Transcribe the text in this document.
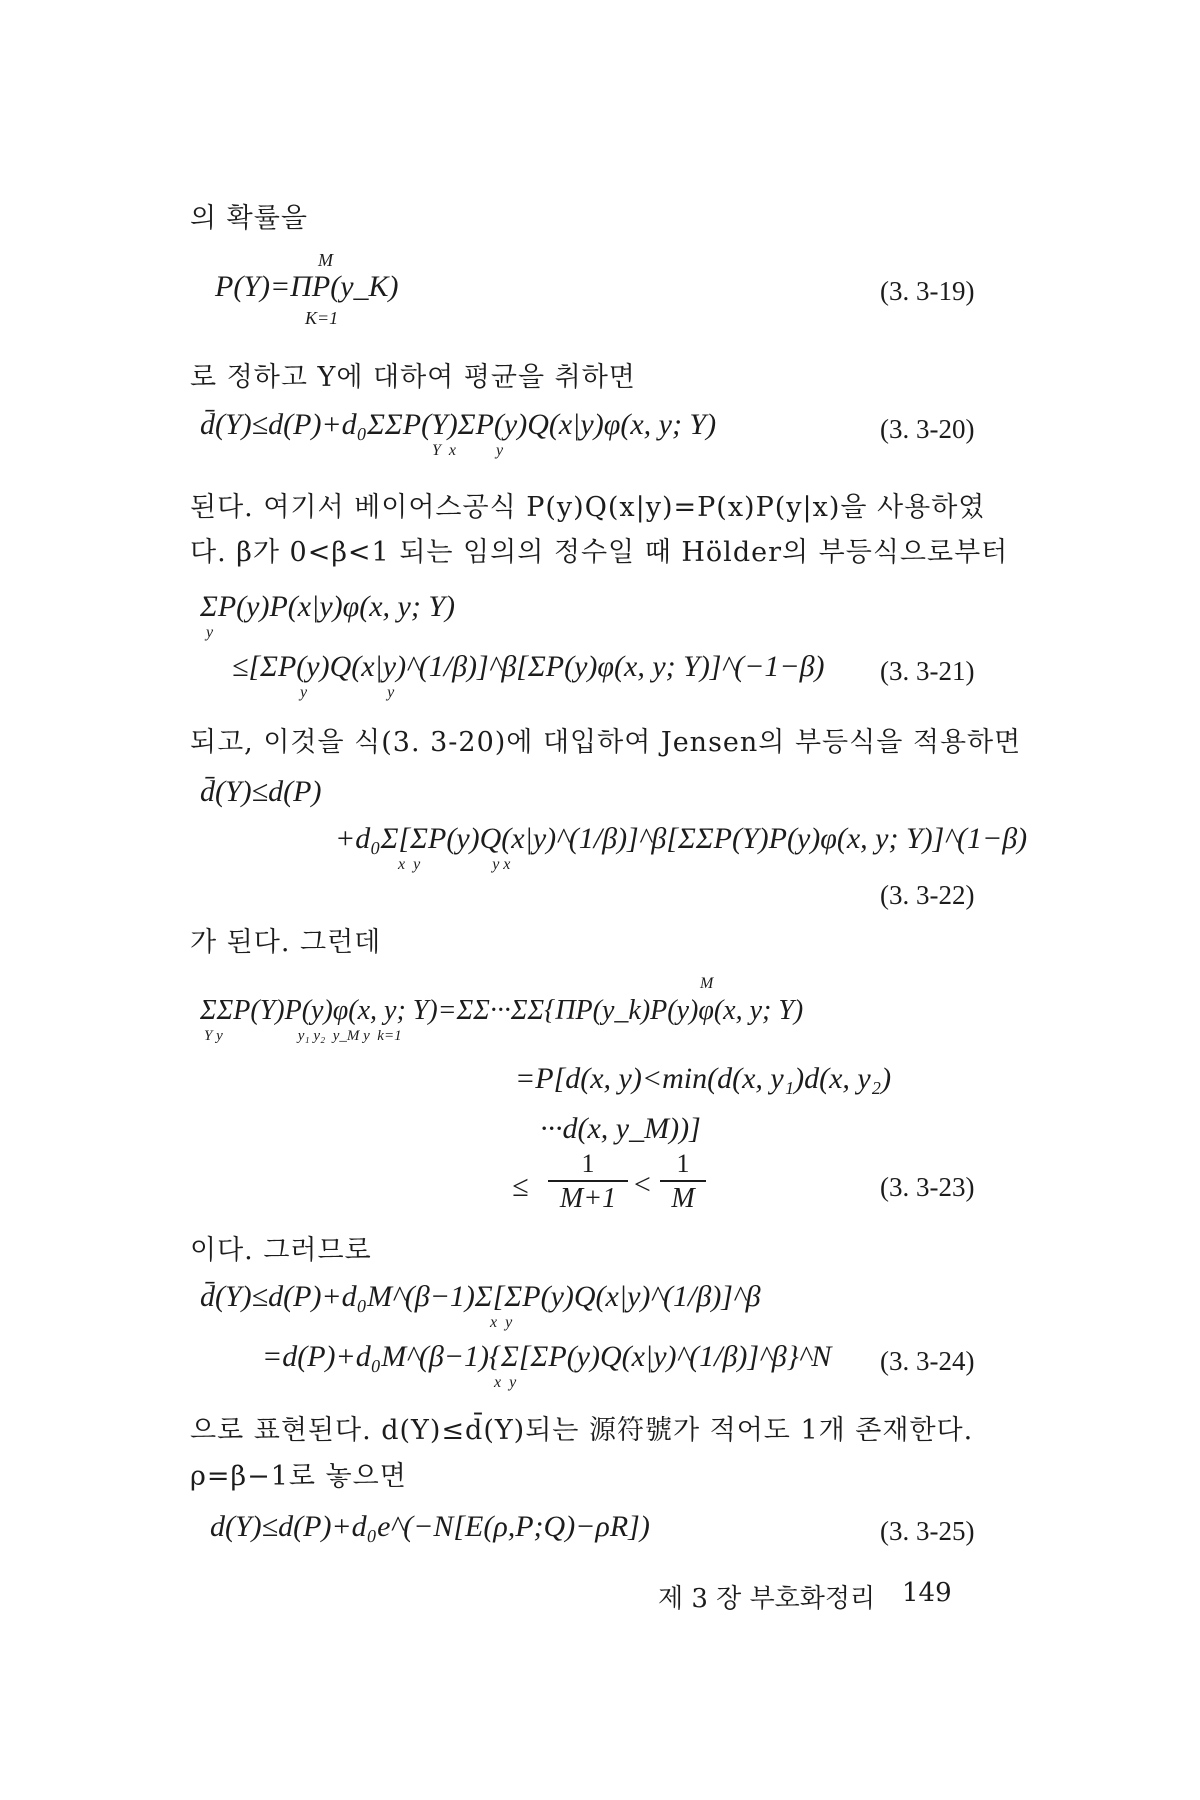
의 확률을
M
P(Y)=ΠP(y_K)
K=1
(3. 3-19)
로 정하고 Y에 대하여 평균을 취하면
d̄(Y)≤d(P)+d₀ΣΣP(Y)ΣP(y)Q(x|y)φ(x, y; Y)
Y  x          y
(3. 3-20)
된다. 여기서 베이어스공식 P(y)Q(x|y)=P(x)P(y|x)을 사용하였
다. β가 0<β<1 되는 임의의 정수일 때 Hölder의 부등식으로부터
ΣP(y)P(x|y)φ(x, y; Y)
y
≤[ΣP(y)Q(x|y)^(1/β)]^β[ΣP(y)φ(x, y; Y)]^(−1−β)
y                    y
(3. 3-21)
되고, 이것을 식(3. 3-20)에 대입하여 Jensen의 부등식을 적용하면
d̄(Y)≤d(P)
+d₀Σ[ΣP(y)Q(x|y)^(1/β)]^β[ΣΣP(Y)P(y)φ(x, y; Y)]^(1−β)
x  y                  y x
(3. 3-22)
가 된다. 그런데
M
ΣΣP(Y)P(y)φ(x, y; Y)=ΣΣ···ΣΣ{ΠP(y_k)P(y)φ(x, y; Y)
Y y                    y₁ y₂  y_M y  k=1
=P[d(x, y)<min(d(x, y₁)d(x, y₂)
···d(x, y_M))]
≤
1
M+1 <
1
M	(3. 3-23)
이다. 그러므로
d̄(Y)≤d(P)+d₀M^(β−1)Σ[ΣP(y)Q(x|y)^(1/β)]^β
x  y
=d(P)+d₀M^(β−1){Σ[ΣP(y)Q(x|y)^(1/β)]^β}^N
x  y
(3. 3-24)
으로 표현된다. d(Y)≤d̄(Y)되는 源符號가 적어도 1개 존재한다.
ρ=β−1로 놓으면
d(Y)≤d(P)+d₀e^(−N[E(ρ,P;Q)−ρR])	(3. 3-25)
제 3 장 부호화정리 149
